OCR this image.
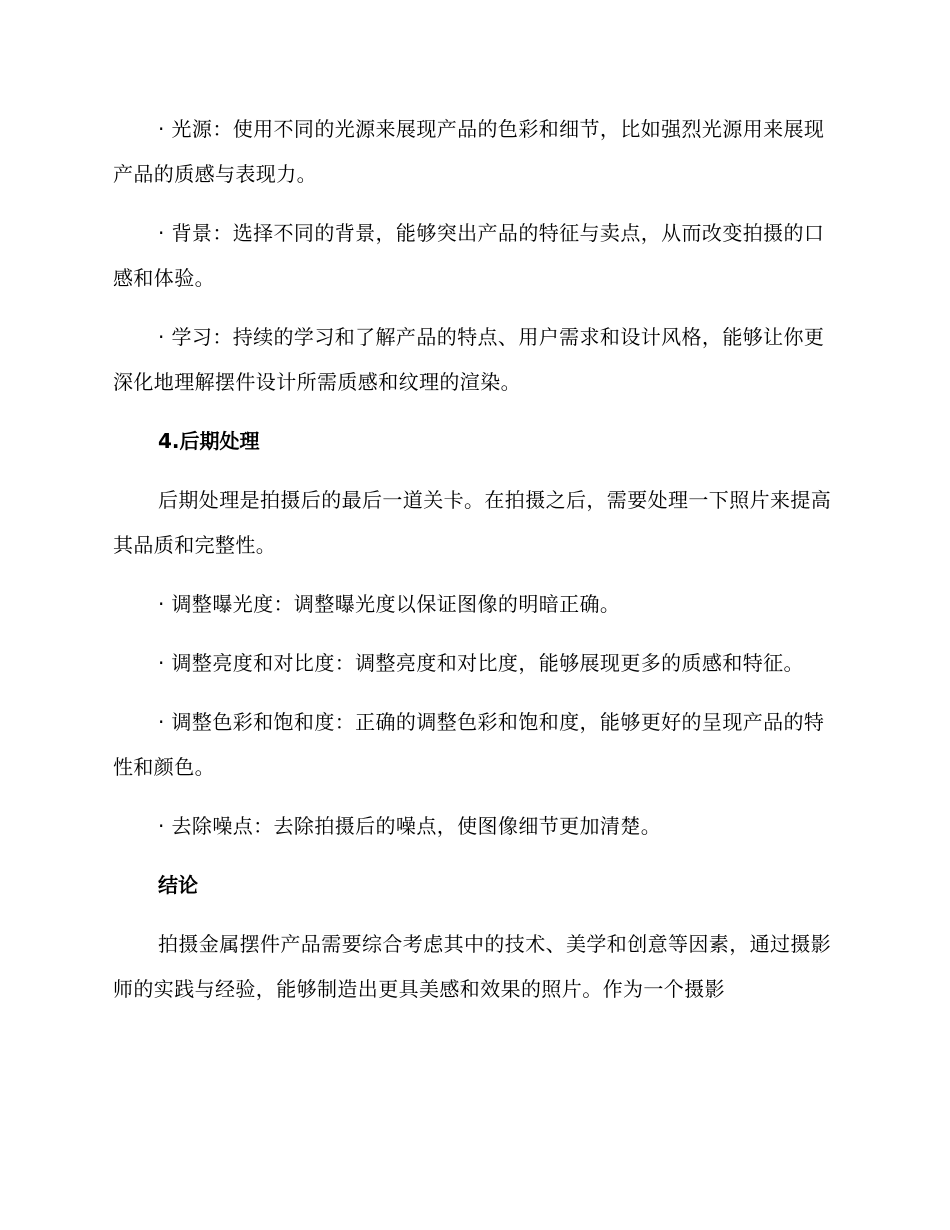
· 光源：使用不同的光源来展现产品的色彩和细节，比如强烈光源用来展现产品的质感与表现力。

· 背景：选择不同的背景，能够突出产品的特征与卖点，从而改变拍摄的口感和体验。

· 学习：持续的学习和了解产品的特点、用户需求和设计风格，能够让你更深化地理解摆件设计所需质感和纹理的渲染。

4.后期处理

后期处理是拍摄后的最后一道关卡。在拍摄之后，需要处理一下照片来提高其品质和完整性。

· 调整曝光度：调整曝光度以保证图像的明暗正确。

· 调整亮度和对比度：调整亮度和对比度，能够展现更多的质感和特征。

· 调整色彩和饱和度：正确的调整色彩和饱和度，能够更好的呈现产品的特性和颜色。

· 去除噪点：去除拍摄后的噪点，使图像细节更加清楚。

结论

拍摄金属摆件产品需要综合考虑其中的技术、美学和创意等因素，通过摄影师的实践与经验，能够制造出更具美感和效果的照片。作为一个摄影
